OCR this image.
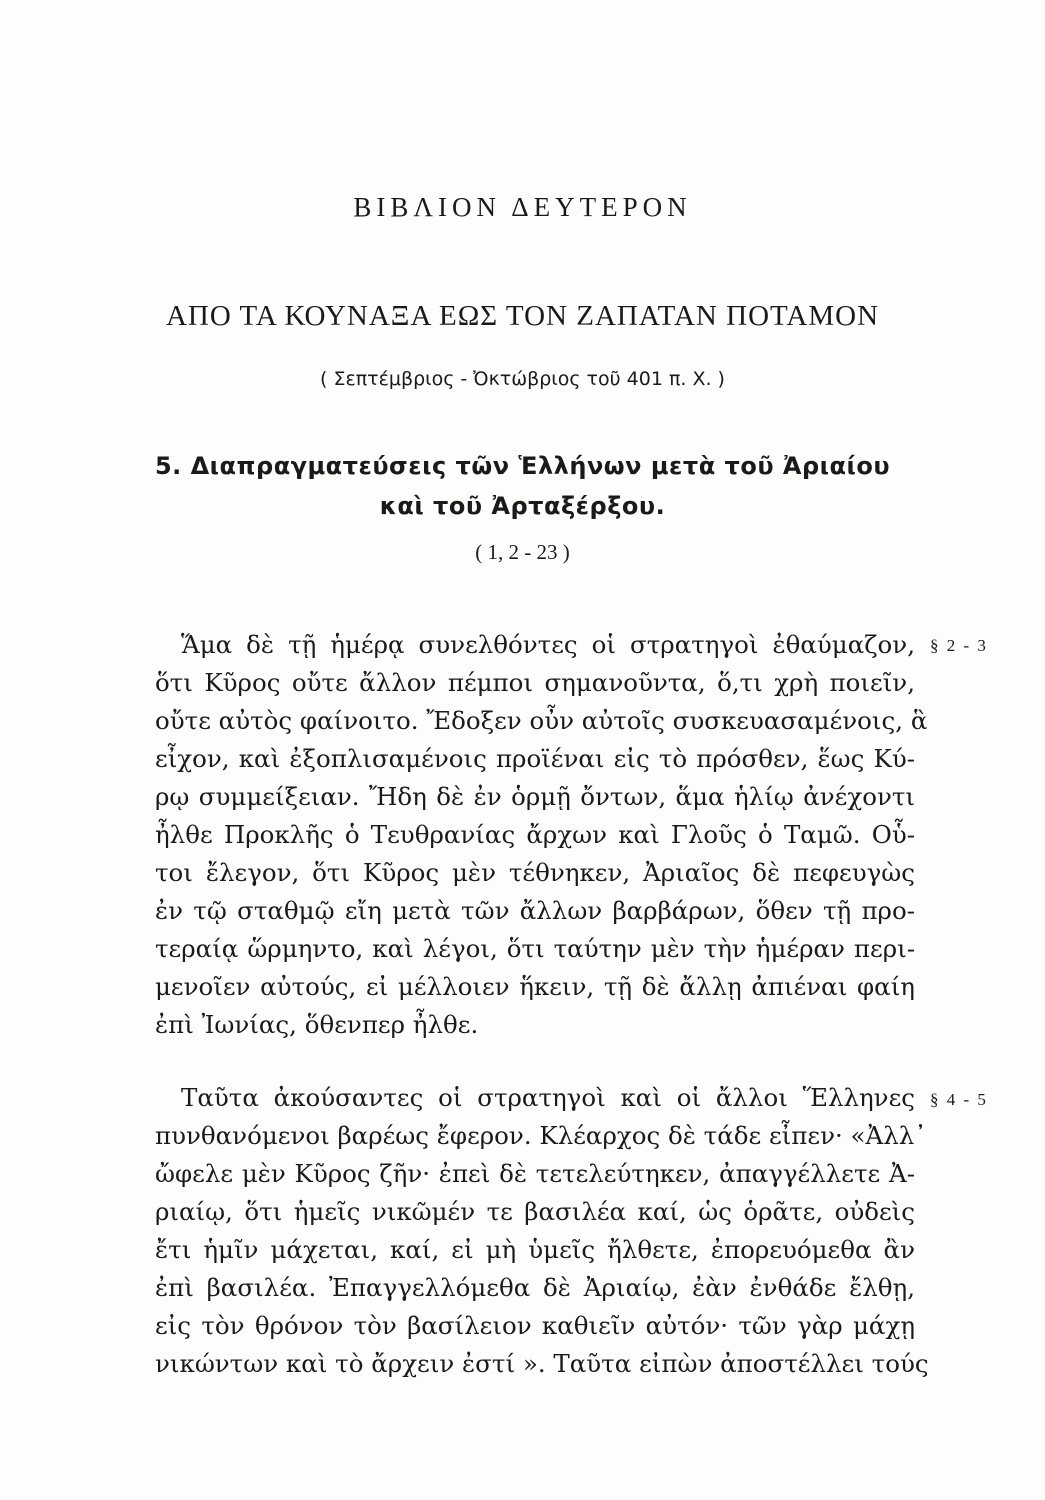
ΒΙΒΛΙΟΝ ΔΕΥΤΕΡΟΝ
ΑΠΟ ΤΑ ΚΟΥΝΑΞΑ ΕΩΣ ΤΟΝ ΖΑΠΑΤΑΝ ΠΟΤΑΜΟΝ
( Σεπτέμβριος - Ὀκτώβριος τοῦ 401 π. Χ. )
5. Διαπραγματεύσεις τῶν Ἑλλήνων μετὰ τοῦ Ἀριαίου
καὶ τοῦ Ἀρταξέρξου.
( 1, 2 - 23 )
§ 2 - 3
Ἅμα δὲ τῇ ἡμέρᾳ συνελθόντες οἱ στρατηγοὶ ἐθαύμαζον,
ὅτι Κῦρος οὔτε ἄλλον πέμποι σημανοῦντα, ὅ,τι χρὴ ποιεῖν,
οὔτε αὐτὸς φαίνοιτο. Ἔδοξεν οὖν αὐτοῖς συσκευασαμένοις, ἃ
εἶχον, καὶ ἐξοπλισαμένοις προϊέναι εἰς τὸ πρόσθεν, ἕως Κύ-
ρῳ συμμείξειαν. Ἤδη δὲ ἐν ὁρμῇ ὄντων, ἅμα ἡλίῳ ἀνέχοντι
ἦλθε Προκλῆς ὁ Τευθρανίας ἄρχων καὶ Γλοῦς ὁ Ταμῶ. Οὗ-
τοι ἔλεγον, ὅτι Κῦρος μὲν τέθνηκεν, Ἀριαῖος δὲ πεφευγὼς
ἐν τῷ σταθμῷ εἴη μετὰ τῶν ἄλλων βαρβάρων, ὅθεν τῇ προ-
τεραίᾳ ὥρμηντο, καὶ λέγοι, ὅτι ταύτην μὲν τὴν ἡμέραν περι-
μενοῖεν αὐτούς, εἰ μέλλοιεν ἥκειν, τῇ δὲ ἄλλῃ ἀπιέναι φαίη
ἐπὶ Ἰωνίας, ὅθενπερ ἦλθε.
§ 4 - 5
Ταῦτα ἀκούσαντες οἱ στρατηγοὶ καὶ οἱ ἄλλοι Ἕλληνες
πυνθανόμενοι βαρέως ἔφερον. Κλέαρχος δὲ τάδε εἶπεν· «Ἀλλ᾽
ὤφελε μὲν Κῦρος ζῆν· ἐπεὶ δὲ τετελεύτηκεν, ἀπαγγέλλετε Ἀ-
ριαίῳ, ὅτι ἡμεῖς νικῶμέν τε βασιλέα καί, ὡς ὁρᾶτε, οὐδεὶς
ἔτι ἡμῖν μάχεται, καί, εἰ μὴ ὑμεῖς ἤλθετε, ἐπορευόμεθα ἂν
ἐπὶ βασιλέα. Ἐπαγγελλόμεθα δὲ Ἀριαίῳ, ἐὰν ἐνθάδε ἔλθῃ,
εἰς τὸν θρόνον τὸν βασίλειον καθιεῖν αὐτόν· τῶν γὰρ μάχῃ
νικώντων καὶ τὸ ἄρχειν ἐστί ». Ταῦτα εἰπὼν ἀποστέλλει τούς
